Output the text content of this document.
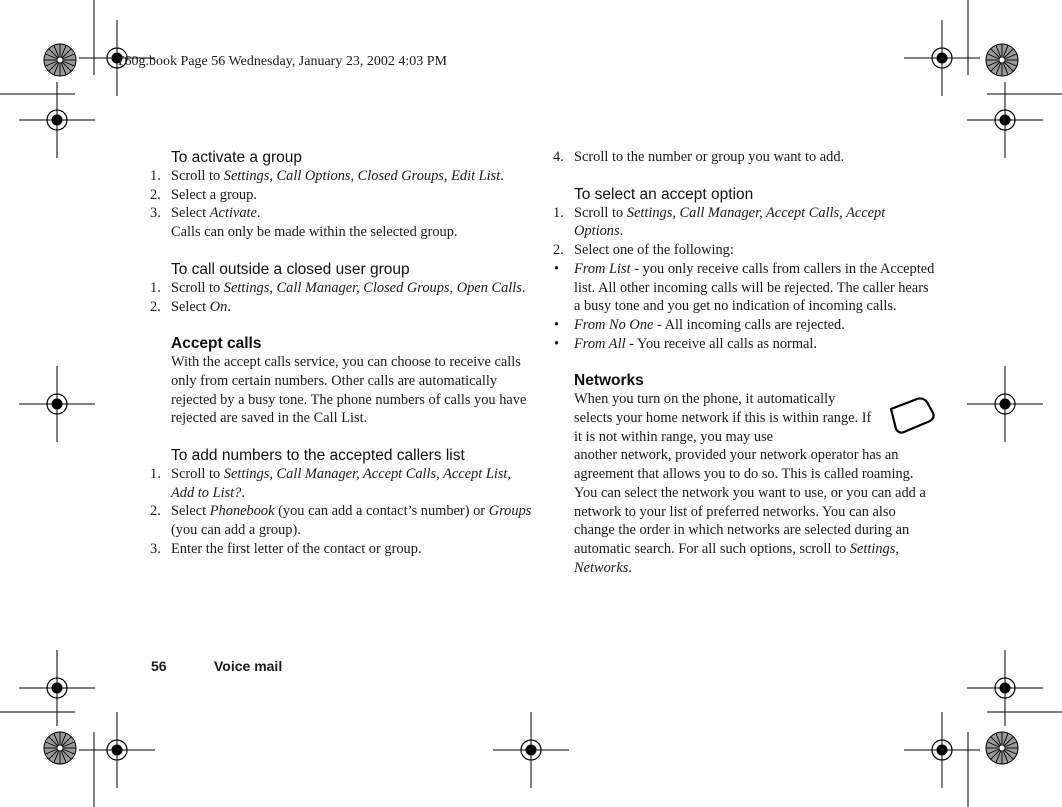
T60g.book Page 56 Wednesday, January 23, 2002 4:03 PM
To activate a group
1. Scroll to Settings, Call Options, Closed Groups, Edit List.
2. Select a group.
3. Select Activate.
Calls can only be made within the selected group.
To call outside a closed user group
1. Scroll to Settings, Call Manager, Closed Groups, Open Calls.
2. Select On.
Accept calls
With the accept calls service, you can choose to receive calls only from certain numbers. Other calls are automatically rejected by a busy tone. The phone numbers of calls you have rejected are saved in the Call List.
To add numbers to the accepted callers list
1. Scroll to Settings, Call Manager, Accept Calls, Accept List, Add to List?.
2. Select Phonebook (you can add a contact’s number) or Groups (you can add a group).
3. Enter the first letter of the contact or group.
4. Scroll to the number or group you want to add.
To select an accept option
1. Scroll to Settings, Call Manager, Accept Calls, Accept Options.
2. Select one of the following:
• From List - you only receive calls from callers in the Accepted list. All other incoming calls will be rejected. The caller hears a busy tone and you get no indication of incoming calls.
• From No One - All incoming calls are rejected.
• From All - You receive all calls as normal.
Networks
When you turn on the phone, it automatically selects your home network if this is within range. If it is not within range, you may use
another network, provided your network operator has an agreement that allows you to do so. This is called roaming.
You can select the network you want to use, or you can add a network to your list of preferred networks. You can also change the order in which networks are selected during an automatic search. For all such options, scroll to Settings, Networks.
56	Voice mail
